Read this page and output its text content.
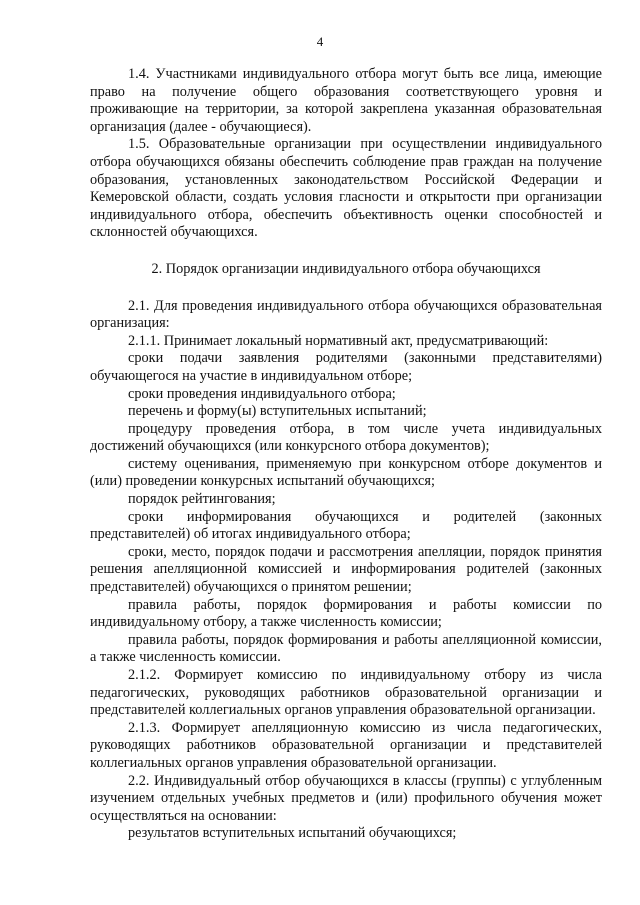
4

1.4. Участниками индивидуального отбора могут быть все лица, имеющие право на получение общего образования соответствующего уровня и проживающие на территории, за которой закреплена указанная образовательная организация (далее - обучающиеся).

1.5. Образовательные организации при осуществлении индивидуального отбора обучающихся обязаны обеспечить соблюдение прав граждан на получение образования, установленных законодательством Российской Федерации и Кемеровской области, создать условия гласности и открытости при организации индивидуального отбора, обеспечить объективность оценки способностей и склонностей обучающихся.

2. Порядок организации индивидуального отбора обучающихся

2.1. Для проведения индивидуального отбора обучающихся образовательная организация:

2.1.1. Принимает локальный нормативный акт, предусматривающий:

сроки подачи заявления родителями (законными представителями) обучающегося на участие в индивидуальном отборе;

сроки проведения индивидуального отбора;

перечень и форму(ы) вступительных испытаний;

процедуру проведения отбора, в том числе учета индивидуальных достижений обучающихся (или конкурсного отбора документов);

систему оценивания, применяемую при конкурсном отборе документов и (или) проведении конкурсных испытаний обучающихся;

порядок рейтингования;

сроки информирования обучающихся и родителей (законных представителей) об итогах индивидуального отбора;

сроки, место, порядок подачи и рассмотрения апелляции, порядок принятия решения апелляционной комиссией и информирования родителей (законных представителей) обучающихся о принятом решении;

правила работы, порядок формирования и работы комиссии по индивидуальному отбору, а также численность комиссии;

правила работы, порядок формирования и работы апелляционной комиссии, а также численность комиссии.

2.1.2. Формирует комиссию по индивидуальному отбору из числа педагогических, руководящих работников образовательной организации и представителей коллегиальных органов управления образовательной организации.

2.1.3. Формирует апелляционную комиссию из числа педагогических, руководящих работников образовательной организации и представителей коллегиальных органов управления образовательной организации.

2.2. Индивидуальный отбор обучающихся в классы (группы) с углубленным изучением отдельных учебных предметов и (или) профильного обучения может осуществляться на основании:

результатов вступительных испытаний обучающихся;
